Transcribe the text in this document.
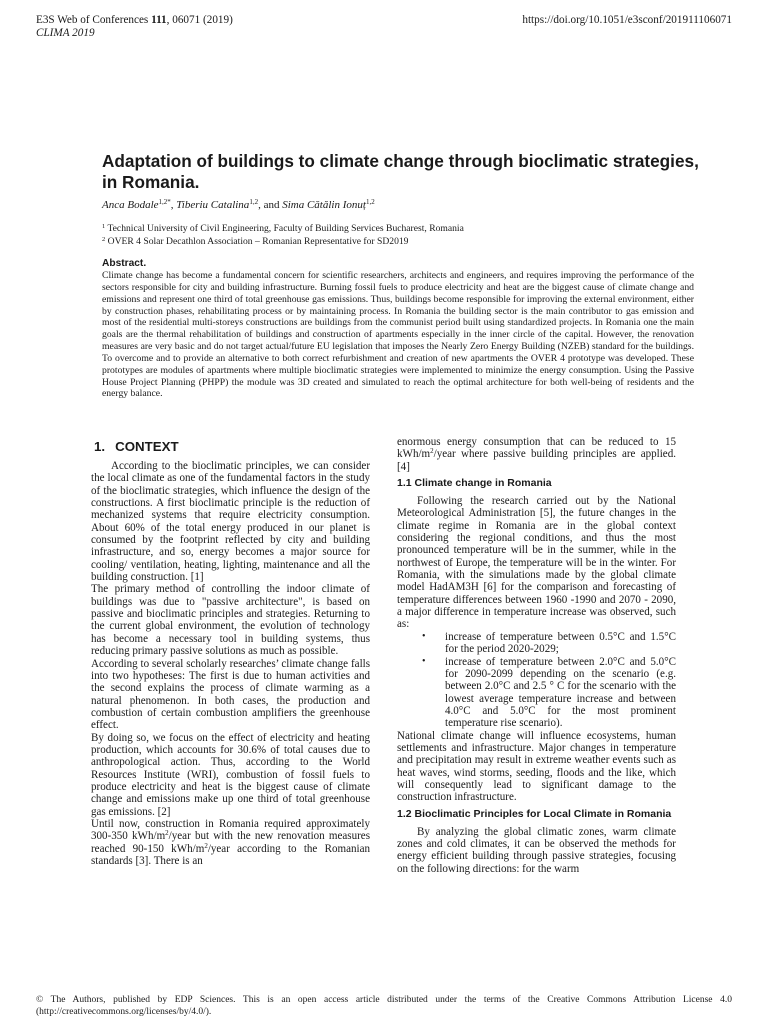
E3S Web of Conferences 111, 06071 (2019)
CLIMA 2019
https://doi.org/10.1051/e3sconf/201911106071
Adaptation of buildings to climate change through bioclimatic strategies, in Romania.
Anca Bodale$^{1,2*}$, Tiberiu Catalina$^{1,2}$, and Sima Cătălin Ionuț$^{1,2}$
$^1$ Technical University of Civil Engineering, Faculty of Building Services Bucharest, Romania
$^2$ OVER 4 Solar Decathlon Association – Romanian Representative for SD2019
Abstract.
Climate change has become a fundamental concern for scientific researchers, architects and engineers, and requires improving the performance of the sectors responsible for city and building infrastructure. Burning fossil fuels to produce electricity and heat are the biggest cause of climate change and emissions and represent one third of total greenhouse gas emissions. Thus, buildings become responsible for improving the external environment, either by construction phases, rehabilitating process or by maintaining process. In Romania the building sector is the main contributor to gas emission and most of the residential multi-storeys constructions are buildings from the communist period built using standardized projects. In Romania one the main goals are the thermal rehabilitation of buildings and construction of apartments especially in the inner circle of the capital. However, the renovation measures are very basic and do not target actual/future EU legislation that imposes the Nearly Zero Energy Building (NZEB) standard for the buildings. To overcome and to provide an alternative to both correct refurbishment and creation of new apartments the OVER 4 prototype was developed. These prototypes are modules of apartments where multiple bioclimatic strategies were implemented to minimize the energy consumption. Using the Passive House Project Planning (PHPP) the module was 3D created and simulated to reach the optimal architecture for both well-being of residents and the energy balance.
1. CONTEXT

According to the bioclimatic principles, we can consider the local climate as one of the fundamental factors in the study of the bioclimatic strategies, which influence the design of the constructions. A first bioclimatic principle is the reduction of mechanized systems that require electricity consumption. About 60% of the total energy produced in our planet is consumed by the footprint reflected by city and building infrastructure, and so, energy becomes a major source for cooling/ ventilation, heating, lighting, maintenance and all the building construction. [1]

The primary method of controlling the indoor climate of buildings was due to "passive architecture", is based on passive and bioclimatic principles and strategies. Returning to the current global environment, the evolution of technology has become a necessary tool in building systems, thus reducing primary passive solutions as much as possible.

According to several scholarly researches’ climate change falls into two hypotheses: The first is due to human activities and the second explains the process of climate warming as a natural phenomenon. In both cases, the production and combustion of certain combustion amplifiers the greenhouse effect.

By doing so, we focus on the effect of electricity and heating production, which accounts for 30.6% of total causes due to anthropological action. Thus, according to the World Resources Institute (WRI), combustion of fossil fuels to produce electricity and heat is the biggest cause of climate change and emissions make up one third of total greenhouse gas emissions. [2]

Until now, construction in Romania required approximately 300-350 kWh/$m^2$/year but with the new renovation measures reached 90-150 kWh/$m^2$/year according to the Romanian standards [3]. There is an

enormous energy consumption that can be reduced to 15 kWh/$m^2$/year where passive building principles are applied. [4]

1.1 Climate change in Romania

Following the research carried out by the National Meteorological Administration [5], the future changes in the climate regime in Romania are in the global context considering the regional conditions, and thus the most pronounced temperature will be in the summer, while in the northwest of Europe, the temperature will be in the winter. For Romania, with the simulations made by the global climate model HadAM3H [6] for the comparison and forecasting of temperature differences between 1960 -1990 and 2070 - 2090, a major difference in temperature increase was observed, such as:

• increase of temperature between 0.5°C and 1.5°C for the period 2020-2029;
• increase of temperature between 2.0°C and 5.0°C for 2090-2099 depending on the scenario (e.g. between 2.0°C and 2.5 ° C for the scenario with the lowest average temperature increase and between 4.0°C and 5.0°C for the most prominent temperature rise scenario).

National climate change will influence ecosystems, human settlements and infrastructure. Major changes in temperature and precipitation may result in extreme weather events such as heat waves, wind storms, seeding, floods and the like, which will consequently lead to significant damage to the construction infrastructure.

1.2 Bioclimatic Principles for Local Climate in Romania

By analyzing the global climatic zones, warm climate zones and cold climates, it can be observed the methods for energy efficient building through passive strategies, focusing on the following directions: for the warm

© The Authors, published by EDP Sciences. This is an open access article distributed under the terms of the Creative Commons Attribution License 4.0 (http://creativecommons.org/licenses/by/4.0/).
